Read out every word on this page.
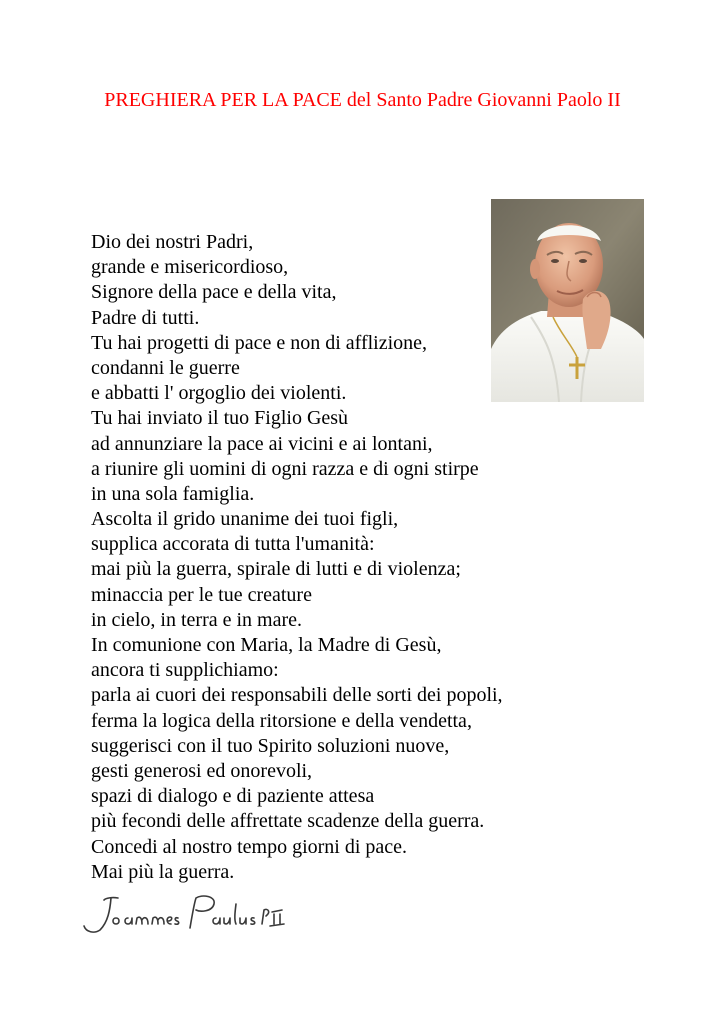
PREGHIERA PER LA PACE del Santo Padre Giovanni Paolo II
Dio dei nostri Padri,
grande e misericordioso,
Signore della pace e della vita,
Padre di tutti.
Tu hai progetti di pace e non di afflizione,
condanni le guerre
e abbatti l' orgoglio dei violenti.
Tu hai inviato il tuo Figlio Gesù
ad annunziare la pace ai vicini e ai lontani,
a riunire gli uomini di ogni razza e di ogni stirpe
in una sola famiglia.
Ascolta il grido unanime dei tuoi figli,
supplica accorata di tutta l'umanità:
mai più la guerra, spirale di lutti e di violenza;
minaccia per le tue creature
in cielo, in terra e in mare.
In comunione con Maria, la Madre di Gesù,
ancora ti supplichiamo:
parla ai cuori dei responsabili delle sorti dei popoli,
ferma la logica della ritorsione e della vendetta,
suggerisci con il tuo Spirito soluzioni nuove,
gesti generosi ed onorevoli,
spazi di dialogo e di paziente attesa
più fecondi delle affrettate scadenze della guerra.
Concedi al nostro tempo giorni di pace.
Mai più la guerra.
